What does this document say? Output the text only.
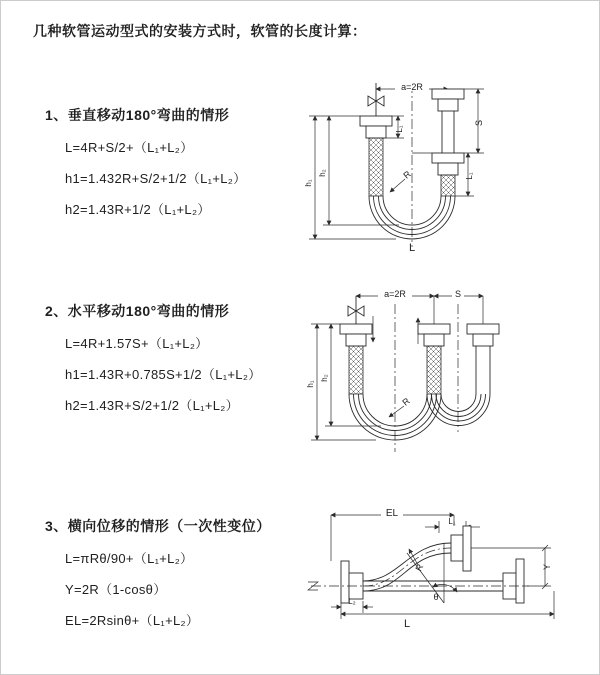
几种软管运动型式的安装方式时，软管的长度计算：
1、垂直移动180°弯曲的情形
L=4R+S/2+（L₁+L₂）
h1=1.432R+S/2+1/2（L₁+L₂）
h2=1.43R+1/2（L₁+L₂）
2、水平移动180°弯曲的情形
L=4R+1.57S+（L₁+L₂）
h1=1.43R+0.785S+1/2（L₁+L₂）
h2=1.43R+S/2+1/2（L₁+L₂）
3、横向位移的情形（一次性变位）
L=πRθ/90+（L₁+L₂）
Y=2R（1-cosθ）
EL=2Rsinθ+（L₁+L₂）
a=2R
h₁
h₂
L₁
S
L₁
R
L
a=2R	S
h₁
h₂
R
EL
L₁
Y
θ
R
L₂
L
